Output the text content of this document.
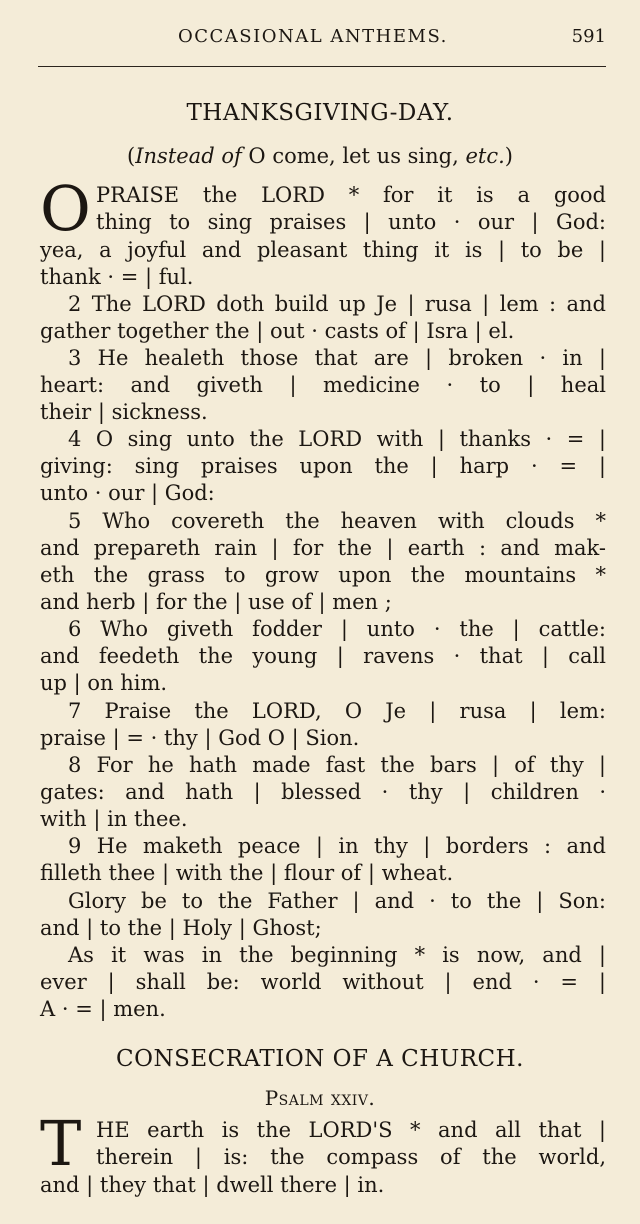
OCCASIONAL ANTHEMS.	591
THANKSGIVING-DAY.
(Instead of O come, let us sing, etc.)
O PRAISE the LORD * for it is a good
thing to sing praises | unto · our | God:
yea, a joyful and pleasant thing it is | to be |
thank · = | ful.
2 The LORD doth build up Je | rusa | lem : and
gather together the | out · casts of | Isra | el.
3 He healeth those that are | broken · in |
heart: and giveth | medicine · to | heal
their | sickness.
4 O sing unto the LORD with | thanks · = |
giving: sing praises upon the | harp · = |
unto · our | God:
5 Who covereth the heaven with clouds *
and prepareth rain | for the | earth : and mak-
eth the grass to grow upon the mountains *
and herb | for the | use of | men ;
6 Who giveth fodder | unto · the | cattle:
and feedeth the young | ravens · that | call
up | on him.
7 Praise the LORD, O Je | rusa | lem:
praise | = · thy | God O | Sion.
8 For he hath made fast the bars | of thy |
gates: and hath | blessed · thy | children ·
with | in thee.
9 He maketh peace | in thy | borders : and
filleth thee | with the | flour of | wheat.
Glory be to the Father | and · to the | Son:
and | to the | Holy | Ghost;
As it was in the beginning * is now, and |
ever | shall be: world without | end · = |
A · = | men.
CONSECRATION OF A CHURCH.
Psalm xxiv.
T HE earth is the LORD'S * and all that |
therein | is: the compass of the world,
and | they that | dwell there | in.
